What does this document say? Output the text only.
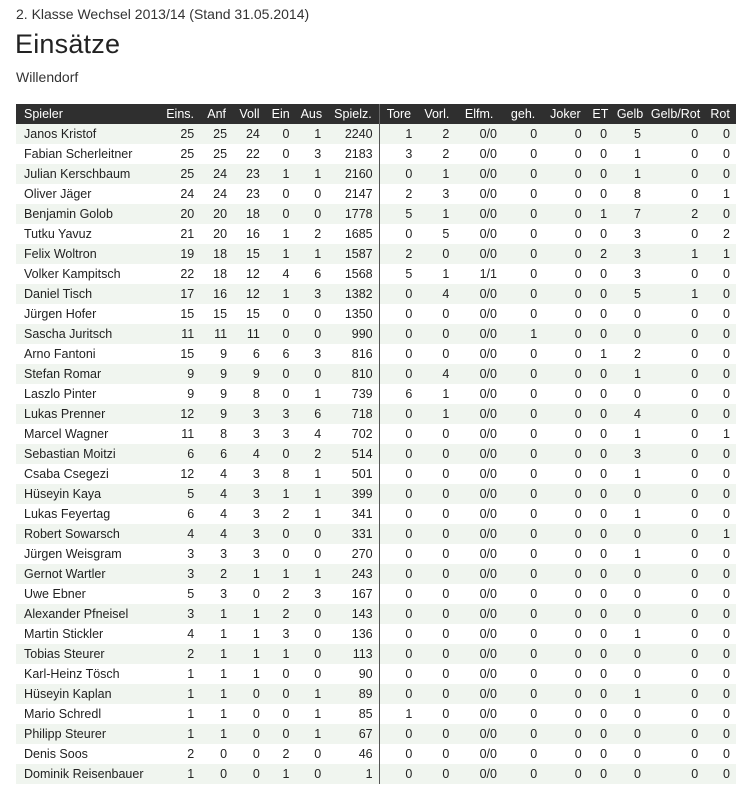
2. Klasse Wechsel 2013/14 (Stand 31.05.2014)
Einsätze
Willendorf
Spieler	Eins.	Anf	Voll	Ein	Aus	Spielz.	Tore	Vorl.	Elfm.	geh.	Joker	ET	Gelb	Gelb/Rot	Rot
Janos Kristof	25	25	24	0	1	2240	1	2	0/0	0	0	0	5	0	0
Fabian Scherleitner	25	25	22	0	3	2183	3	2	0/0	0	0	0	1	0	0
Julian Kerschbaum	25	24	23	1	1	2160	0	1	0/0	0	0	0	1	0	0
Oliver Jäger	24	24	23	0	0	2147	2	3	0/0	0	0	0	8	0	1
Benjamin Golob	20	20	18	0	0	1778	5	1	0/0	0	0	1	7	2	0
Tutku Yavuz	21	20	16	1	2	1685	0	5	0/0	0	0	0	3	0	2
Felix Woltron	19	18	15	1	1	1587	2	0	0/0	0	0	2	3	1	1
Volker Kampitsch	22	18	12	4	6	1568	5	1	1/1	0	0	0	3	0	0
Daniel Tisch	17	16	12	1	3	1382	0	4	0/0	0	0	0	5	1	0
Jürgen Hofer	15	15	15	0	0	1350	0	0	0/0	0	0	0	0	0	0
Sascha Juritsch	11	11	11	0	0	990	0	0	0/0	1	0	0	0	0	0
Arno Fantoni	15	9	6	6	3	816	0	0	0/0	0	0	1	2	0	0
Stefan Romar	9	9	9	0	0	810	0	4	0/0	0	0	0	1	0	0
Laszlo Pinter	9	9	8	0	1	739	6	1	0/0	0	0	0	0	0	0
Lukas Prenner	12	9	3	3	6	718	0	1	0/0	0	0	0	4	0	0
Marcel Wagner	11	8	3	3	4	702	0	0	0/0	0	0	0	1	0	1
Sebastian Moitzi	6	6	4	0	2	514	0	0	0/0	0	0	0	3	0	0
Csaba Csegezi	12	4	3	8	1	501	0	0	0/0	0	0	0	1	0	0
Hüseyin Kaya	5	4	3	1	1	399	0	0	0/0	0	0	0	0	0	0
Lukas Feyertag	6	4	3	2	1	341	0	0	0/0	0	0	0	1	0	0
Robert Sowarsch	4	4	3	0	0	331	0	0	0/0	0	0	0	0	0	1
Jürgen Weisgram	3	3	3	0	0	270	0	0	0/0	0	0	0	1	0	0
Gernot Wartler	3	2	1	1	1	243	0	0	0/0	0	0	0	0	0	0
Uwe Ebner	5	3	0	2	3	167	0	0	0/0	0	0	0	0	0	0
Alexander Pfneisel	3	1	1	2	0	143	0	0	0/0	0	0	0	0	0	0
Martin Stickler	4	1	1	3	0	136	0	0	0/0	0	0	0	1	0	0
Tobias Steurer	2	1	1	1	0	113	0	0	0/0	0	0	0	0	0	0
Karl-Heinz Tösch	1	1	1	0	0	90	0	0	0/0	0	0	0	0	0	0
Hüseyin Kaplan	1	1	0	0	1	89	0	0	0/0	0	0	0	1	0	0
Mario Schredl	1	1	0	0	1	85	1	0	0/0	0	0	0	0	0	0
Philipp Steurer	1	1	0	0	1	67	0	0	0/0	0	0	0	0	0	0
Denis Soos	2	0	0	2	0	46	0	0	0/0	0	0	0	0	0	0
Dominik Reisenbauer	1	0	0	1	0	1	0	0	0/0	0	0	0	0	0	0
